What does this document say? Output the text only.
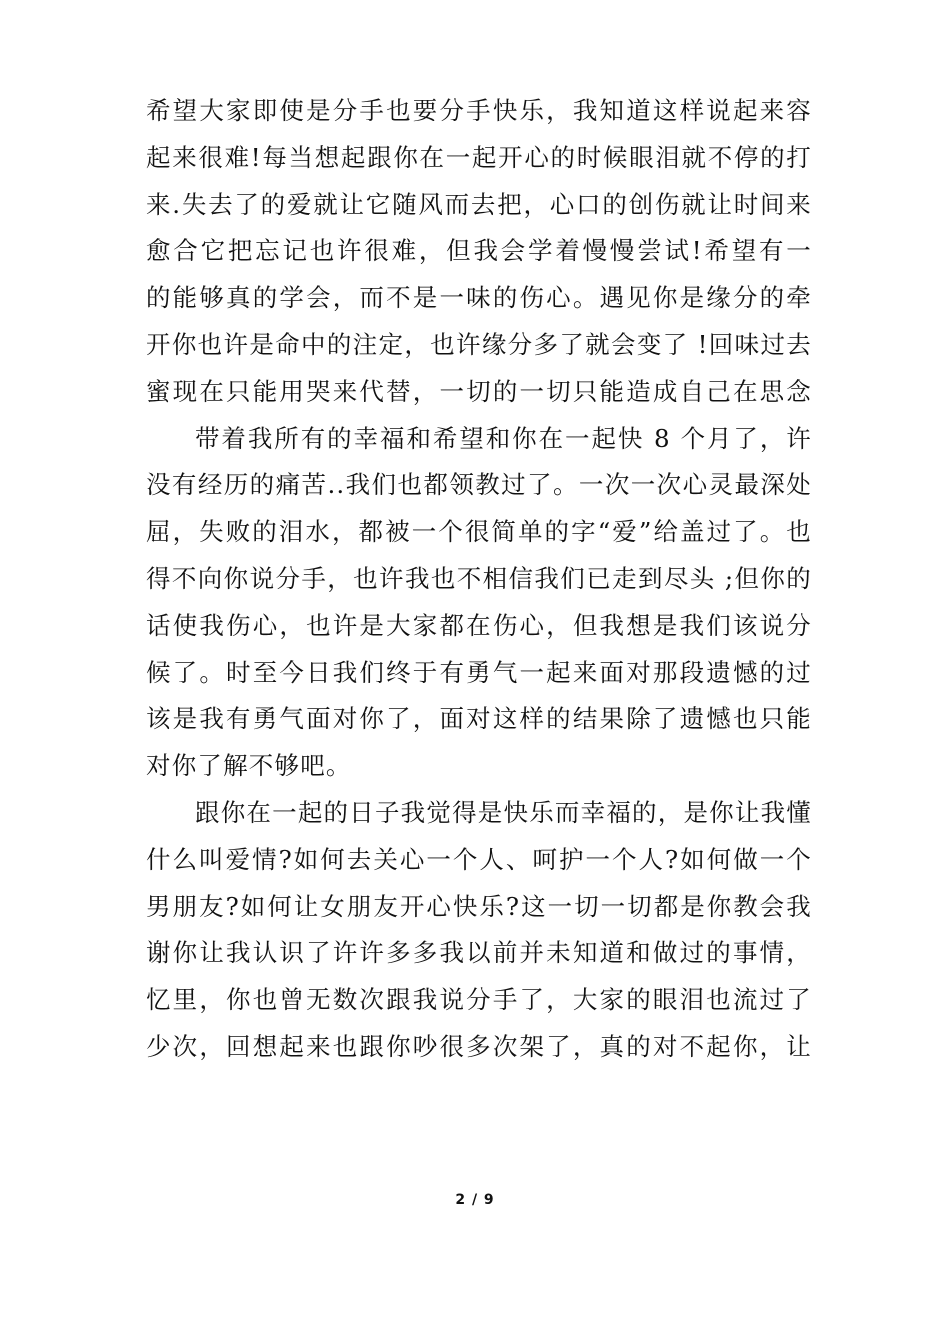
希望大家即使是分手也要分手快乐，我知道这样说起来容
起来很难!每当想起跟你在一起开心的时候眼泪就不停的打
来.失去了的爱就让它随风而去把，心口的创伤就让时间来
愈合它把忘记也许很难，但我会学着慢慢尝试!希望有一
的能够真的学会，而不是一味的伤心。遇见你是缘分的牵
开你也许是命中的注定，也许缘分多了就会变了 !回味过去
蜜现在只能用哭来代替，一切的一切只能造成自己在思念
带着我所有的幸福和希望和你在一起快 8 个月了，许
没有经历的痛苦..我们也都领教过了。一次一次心灵最深处
屈，失败的泪水，都被一个很简单的字“爱”给盖过了。也
得不向你说分手，也许我也不相信我们已走到尽头 ;但你的
话使我伤心，也许是大家都在伤心，但我想是我们该说分
候了。时至今日我们终于有勇气一起来面对那段遗憾的过
该是我有勇气面对你了，面对这样的结果除了遗憾也只能
对你了解不够吧。
跟你在一起的日子我觉得是快乐而幸福的，是你让我懂
什么叫爱情?如何去关心一个人、呵护一个人?如何做一个
男朋友?如何让女朋友开心快乐?这一切一切都是你教会我
谢你让我认识了许许多多我以前并未知道和做过的事情，
忆里，你也曾无数次跟我说分手了，大家的眼泪也流过了
少次，回想起来也跟你吵很多次架了，真的对不起你，让
2 / 9
